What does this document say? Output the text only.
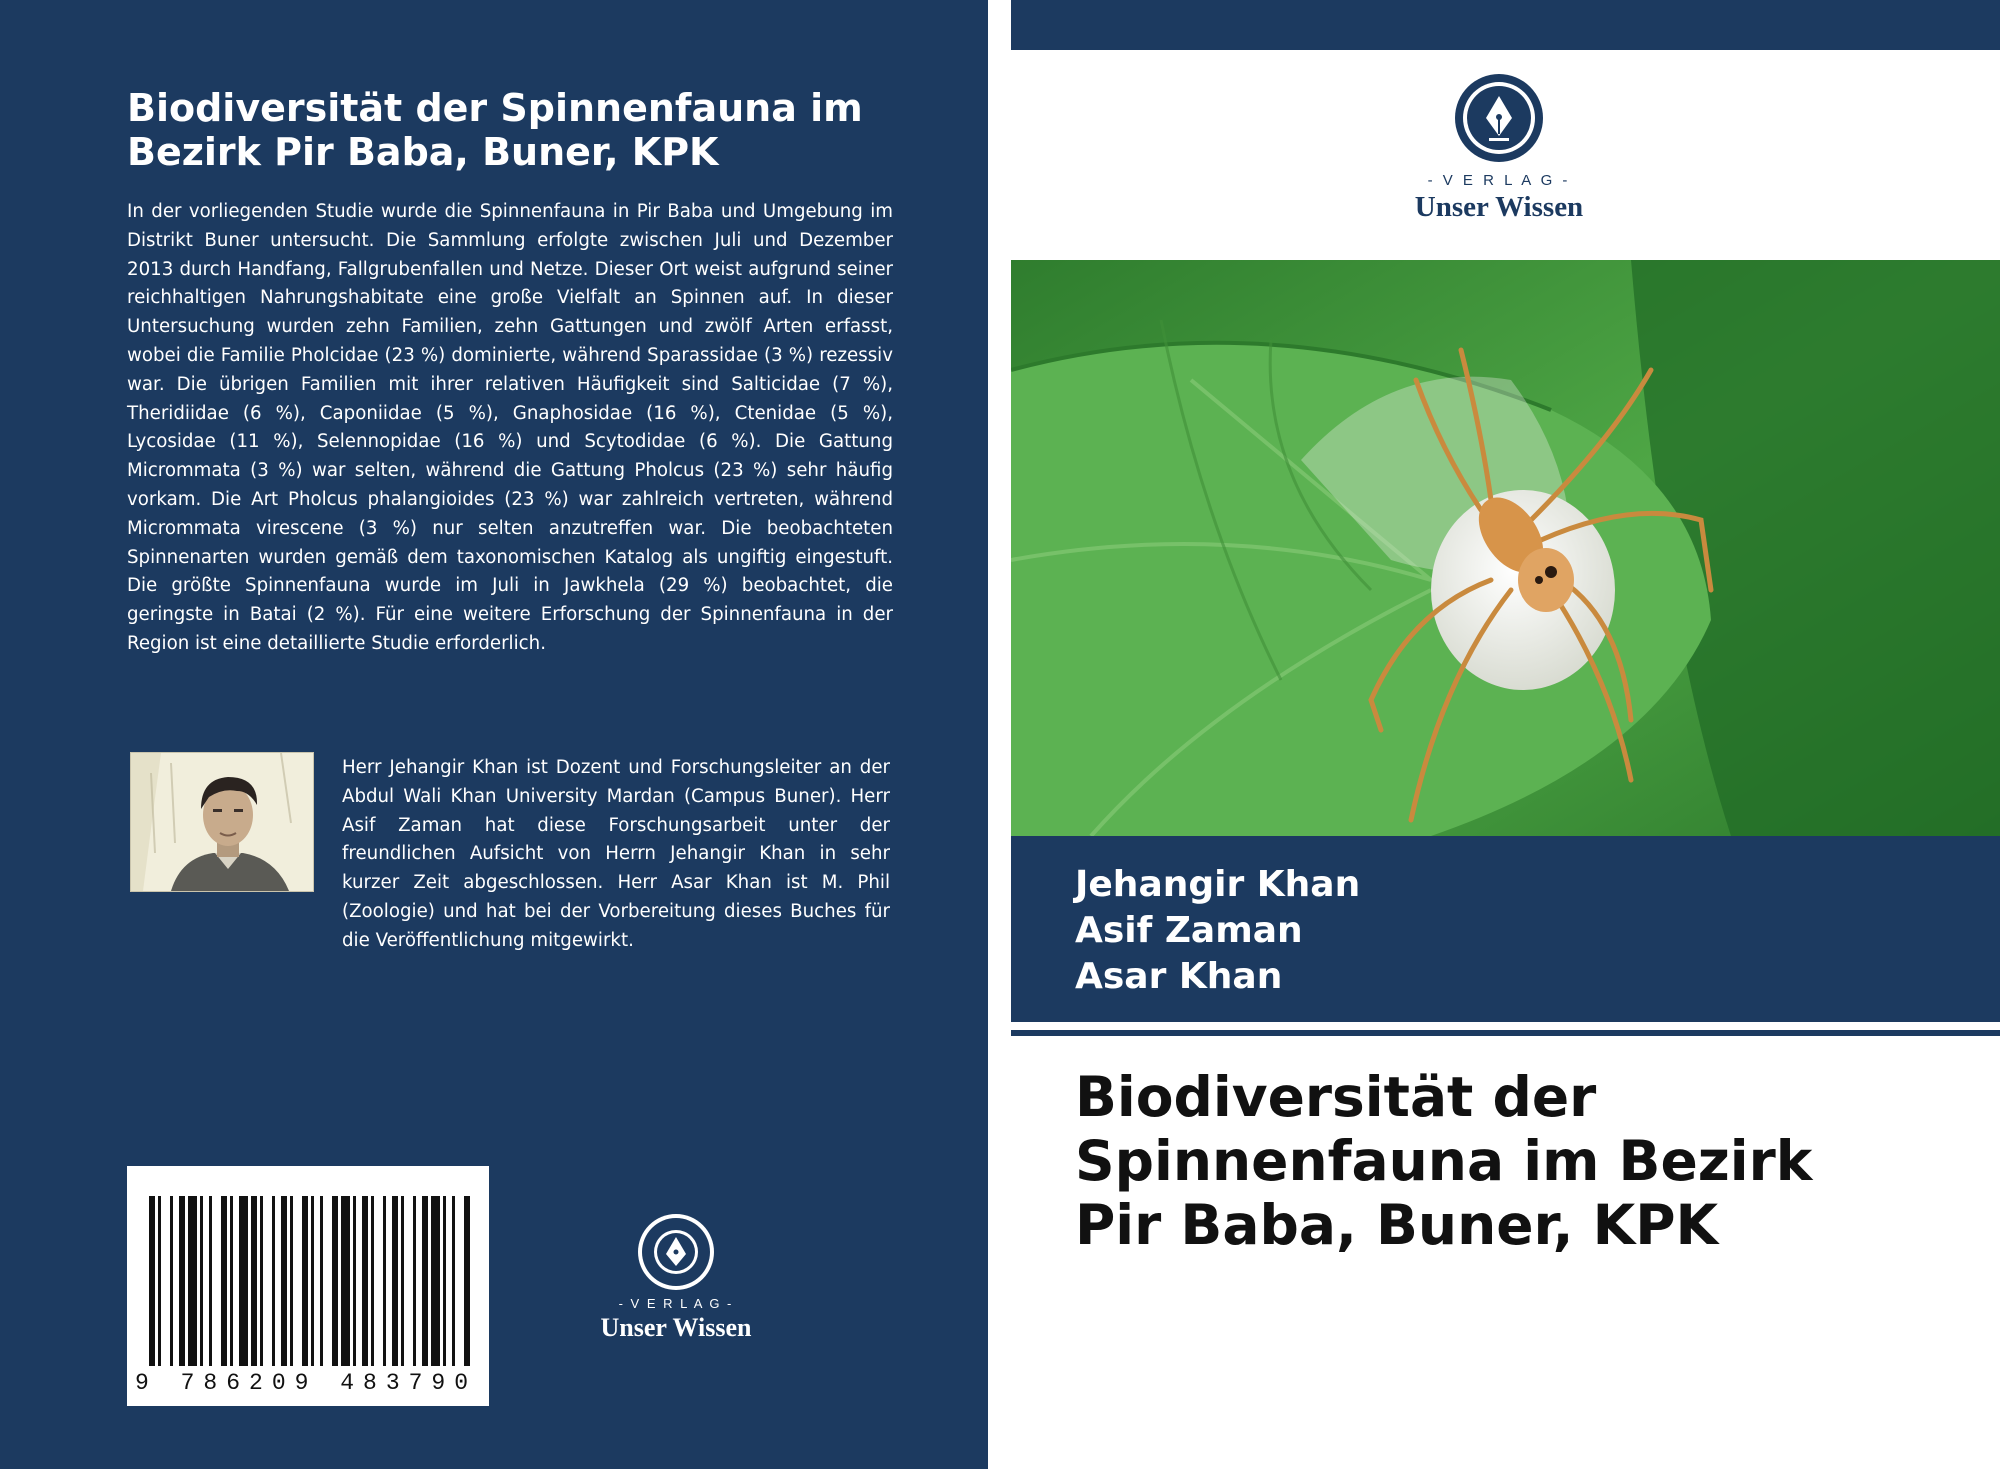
Biodiversität der Spinnenfauna im
Bezirk Pir Baba, Buner, KPK

In der vorliegenden Studie wurde die Spinnenfauna in Pir Baba und Umgebung im Distrikt Buner untersucht. Die Sammlung erfolgte zwischen Juli und Dezember 2013 durch Handfang, Fallgrubenfallen und Netze. Dieser Ort weist aufgrund seiner reichhaltigen Nahrungshabitate eine große Vielfalt an Spinnen auf. In dieser Untersuchung wurden zehn Familien, zehn Gattungen und zwölf Arten erfasst, wobei die Familie Pholcidae (23 %) dominierte, während Sparassidae (3 %) rezessiv war. Die übrigen Familien mit ihrer relativen Häufigkeit sind Salticidae (7 %), Theridiidae (6 %), Caponiidae (5 %), Gnaphosidae (16 %), Ctenidae (5 %), Lycosidae (11 %), Selennopidae (16 %) und Scytodidae (6 %). Die Gattung Micrommata (3 %) war selten, während die Gattung Pholcus (23 %) sehr häufig vorkam. Die Art Pholcus phalangioides (23 %) war zahlreich vertreten, während Micrommata virescene (3 %) nur selten anzutreffen war. Die beobachteten Spinnenarten wurden gemäß dem taxonomischen Katalog als ungiftig eingestuft. Die größte Spinnenfauna wurde im Juli in Jawkhela (29 %) beobachtet, die geringste in Batai (2 %). Für eine weitere Erforschung der Spinnenfauna in der Region ist eine detaillierte Studie erforderlich.

Herr Jehangir Khan ist Dozent und Forschungsleiter an der Abdul Wali Khan University Mardan (Campus Buner). Herr Asif Zaman hat diese Forschungsarbeit unter der freundlichen Aufsicht von Herrn Jehangir Khan in sehr kurzer Zeit abgeschlossen. Herr Asar Khan ist M. Phil (Zoologie) und hat bei der Vorbereitung dieses Buches für die Veröffentlichung mitgewirkt.

9 786209 483790
- V E R L A G -
Unser Wissen
- V E R L A G -
Unser Wissen

Jehangir Khan

Asif Zaman

Asar Khan

Biodiversität der
Spinnenfauna im Bezirk
Pir Baba, Buner, KPK
